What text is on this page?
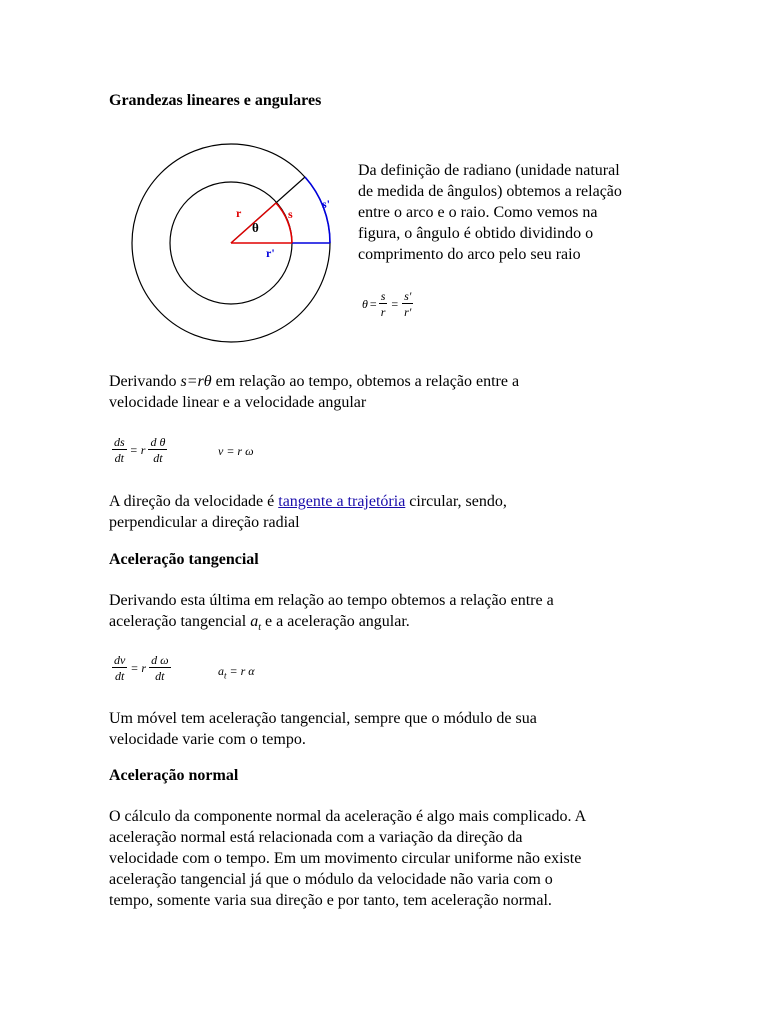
Grandezas lineares e angulares
r	s
θ
s'
r'
Da definição de radiano (unidade natural
de medida de ângulos) obtemos a relação
entre o arco e o raio. Como vemos na
figura, o ângulo é obtido dividindo o
comprimento do arco pelo seu raio
$\theta = \frac{s}{r} = \frac{s'}{r'}$
Derivando s=rθ em relação ao tempo, obtemos a relação entre a
velocidade linear e a velocidade angular
$\frac{ds}{dt} = r \frac{\text{d θ}}{dt}$	v = r ω
A direção da velocidade é tangente a trajetória circular, sendo,
perpendicular a direção radial
Aceleração tangencial
Derivando esta última em relação ao tempo obtemos a relação entre a
aceleração tangencial $a_t$ e a aceleração angular.
$\frac{dv}{dt} = r \frac{\text{d ω}}{dt}$	$a_t = r$ α
Um móvel tem aceleração tangencial, sempre que o módulo de sua
velocidade varie com o tempo.
Aceleração normal
O cálculo da componente normal da aceleração é algo mais complicado. A
aceleração normal está relacionada com a variação da direção da
velocidade com o tempo. Em um movimento circular uniforme não existe
aceleração tangencial já que o módulo da velocidade não varia com o
tempo, somente varia sua direção e por tanto, tem aceleração normal.
